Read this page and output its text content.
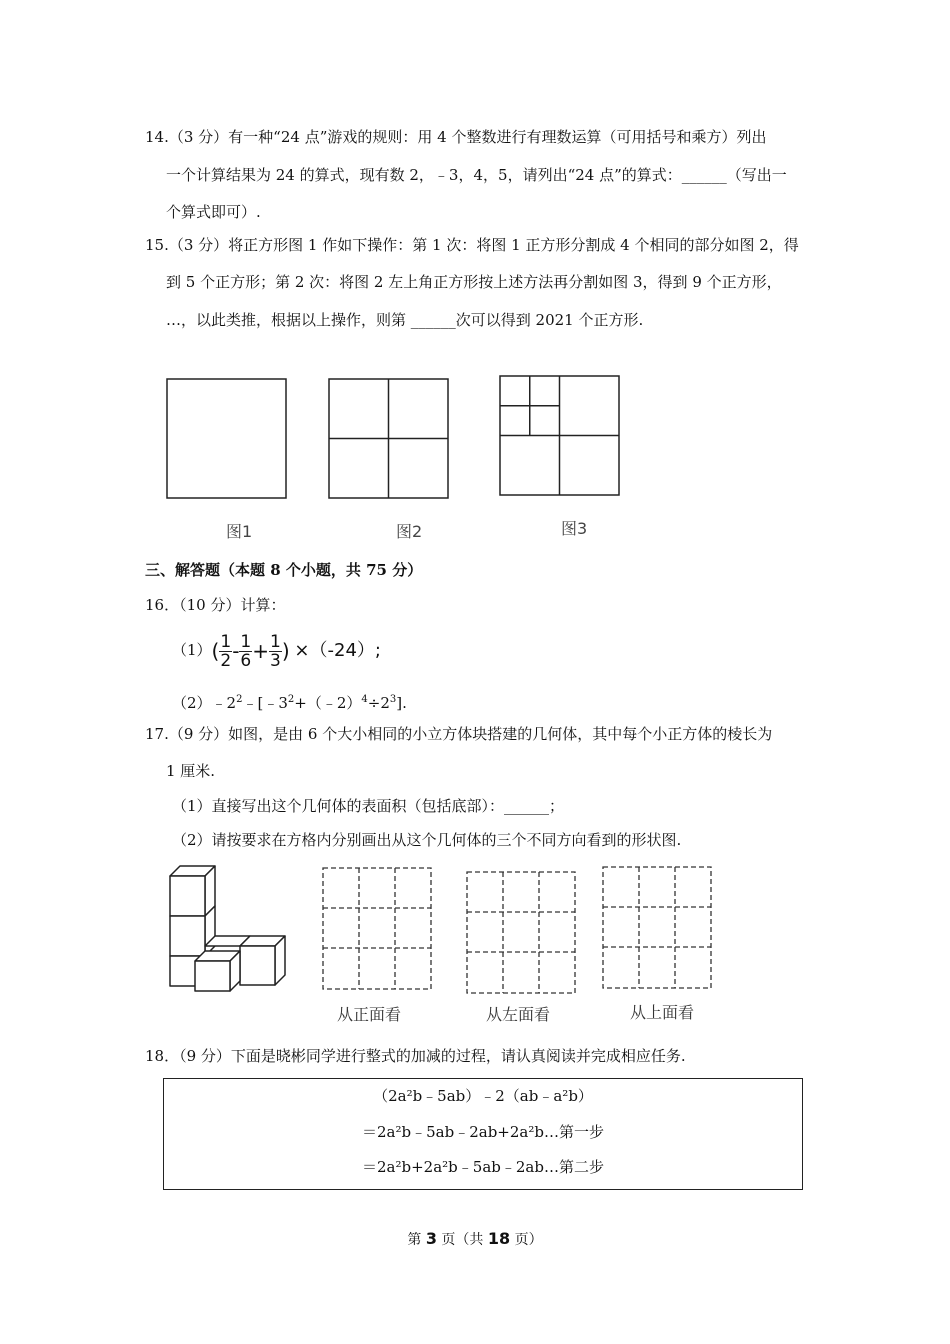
14.（3 分）有一种“24 点”游戏的规则：用 4 个整数进行有理数运算（可用括号和乘方）列出
一个计算结果为 24 的算式，现有数 2，﹣3，4，5，请列出“24 点”的算式：______（写出一
个算式即可）.
15.（3 分）将正方形图 1 作如下操作：第 1 次：将图 1 正方形分割成 4 个相同的部分如图 2，得
到 5 个正方形；第 2 次：将图 2 左上角正方形按上述方法再分割如图 3，得到 9 个正方形，
…，以此类推，根据以上操作，则第 ______次可以得到 2021 个正方形.
图1	图2	图3
三、解答题（本题 8 个小题，共 75 分）
16．（10 分）计算：
$(1)( \frac{1}{2} - \frac{1}{6} + \frac{1}{3}$ ) ×（-24）;
$(2)﹣2^2﹣[﹣3^2+(﹣2)^4\div 2^3]$.
17.（9 分）如图，是由 6 个大小相同的小立方体块搭建的几何体，其中每个小正方体的棱长为
1 厘米.
（1）直接写出这个几何体的表面积（包括底部）：______；
（2）请按要求在方格内分别画出从这个几何体的三个不同方向看到的形状图.
从正面看	从左面看	从上面看
18．（9 分）下面是晓彬同学进行整式的加减的过程，请认真阅读并完成相应任务.
（2a²b﹣5ab）﹣2（ab﹣a²b）
＝2a²b﹣5ab﹣2ab+2a²b…第一步
＝2a²b+2a²b﹣5ab﹣2ab…第二步
第 3 页（共 18 页）
